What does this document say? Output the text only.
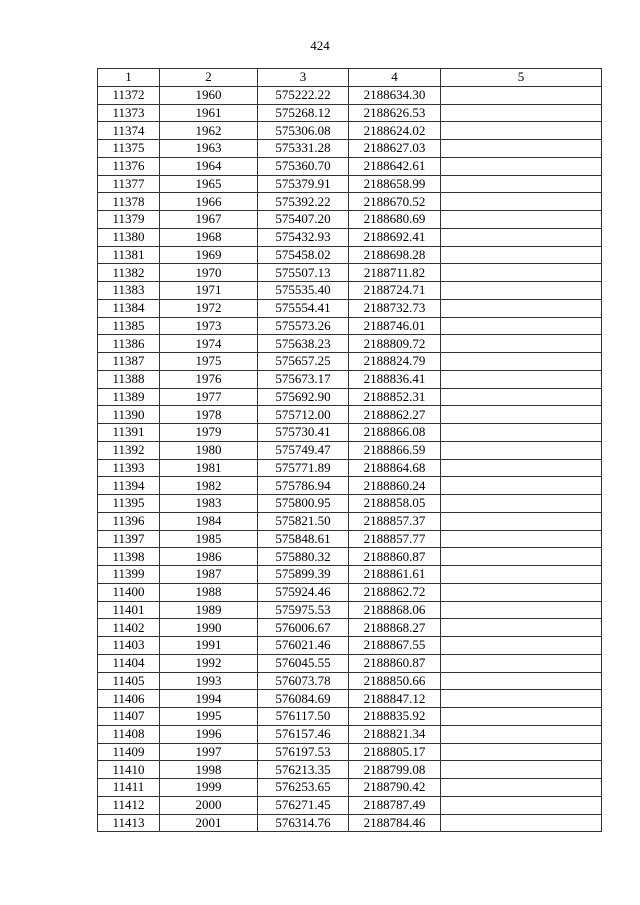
424
1	2	3	4	5
11372	1960	575222.22	2188634.30	
11373	1961	575268.12	2188626.53	
11374	1962	575306.08	2188624.02	
11375	1963	575331.28	2188627.03	
11376	1964	575360.70	2188642.61	
11377	1965	575379.91	2188658.99	
11378	1966	575392.22	2188670.52	
11379	1967	575407.20	2188680.69	
11380	1968	575432.93	2188692.41	
11381	1969	575458.02	2188698.28	
11382	1970	575507.13	2188711.82	
11383	1971	575535.40	2188724.71	
11384	1972	575554.41	2188732.73	
11385	1973	575573.26	2188746.01	
11386	1974	575638.23	2188809.72	
11387	1975	575657.25	2188824.79	
11388	1976	575673.17	2188836.41	
11389	1977	575692.90	2188852.31	
11390	1978	575712.00	2188862.27	
11391	1979	575730.41	2188866.08	
11392	1980	575749.47	2188866.59	
11393	1981	575771.89	2188864.68	
11394	1982	575786.94	2188860.24	
11395	1983	575800.95	2188858.05	
11396	1984	575821.50	2188857.37	
11397	1985	575848.61	2188857.77	
11398	1986	575880.32	2188860.87	
11399	1987	575899.39	2188861.61	
11400	1988	575924.46	2188862.72	
11401	1989	575975.53	2188868.06	
11402	1990	576006.67	2188868.27	
11403	1991	576021.46	2188867.55	
11404	1992	576045.55	2188860.87	
11405	1993	576073.78	2188850.66	
11406	1994	576084.69	2188847.12	
11407	1995	576117.50	2188835.92	
11408	1996	576157.46	2188821.34	
11409	1997	576197.53	2188805.17	
11410	1998	576213.35	2188799.08	
11411	1999	576253.65	2188790.42	
11412	2000	576271.45	2188787.49	
11413	2001	576314.76	2188784.46	
